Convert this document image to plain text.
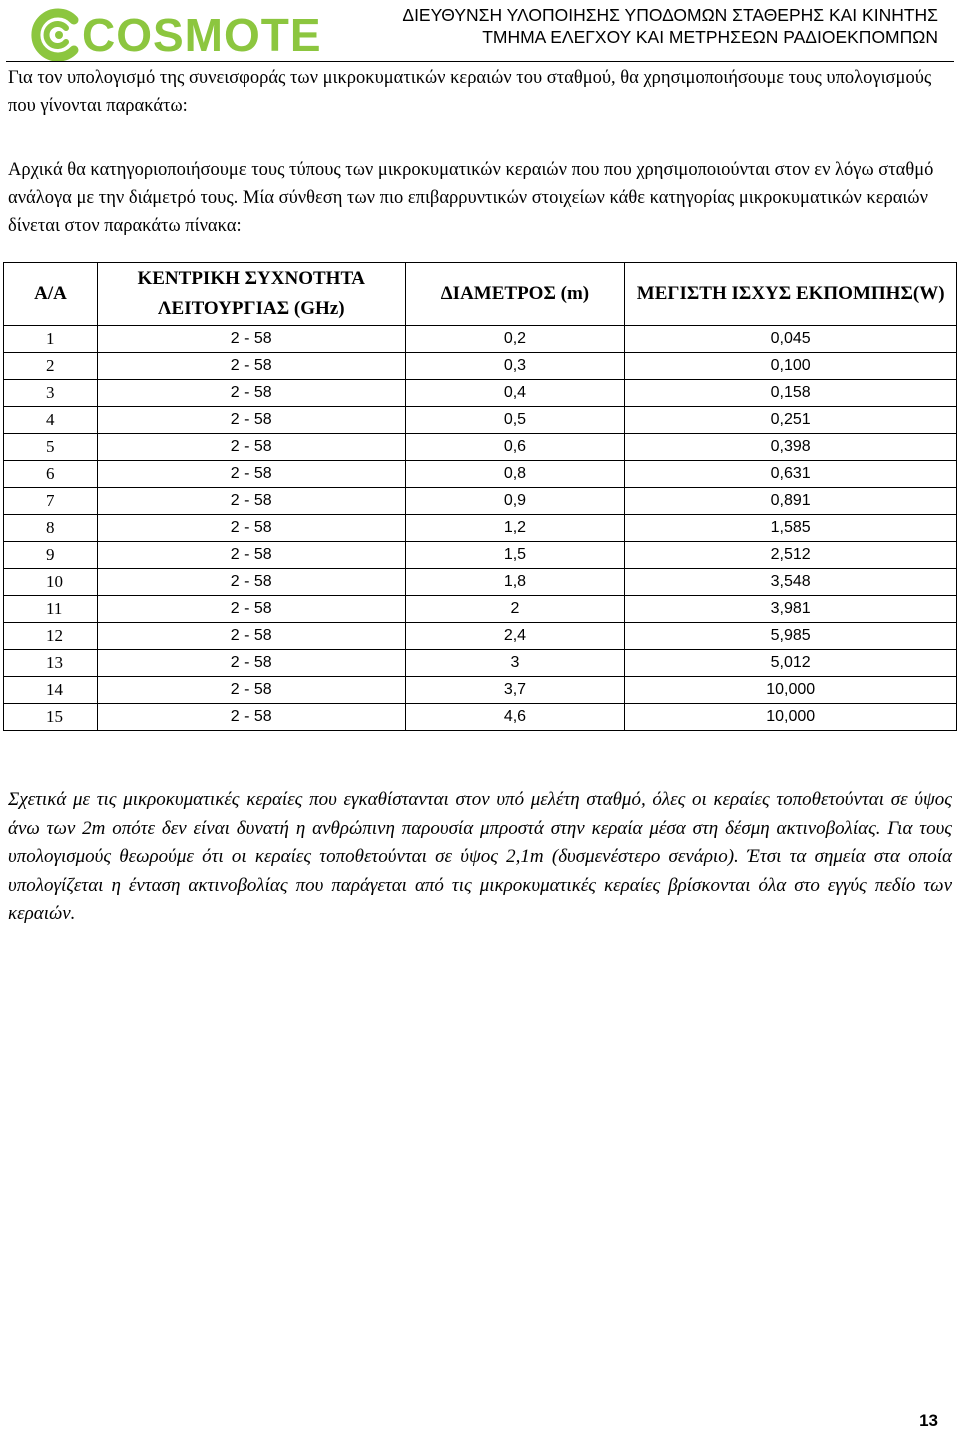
COSMOTE	ΔΙΕΥΘΥΝΣΗ ΥΛΟΠΟΙΗΣΗΣ ΥΠΟΔΟΜΩΝ ΣΤΑΘΕΡΗΣ ΚΑΙ ΚΙΝΗΤΗΣ
ΤΜΗΜΑ ΕΛΕΓΧΟΥ ΚΑΙ ΜΕΤΡΗΣΕΩΝ ΡΑΔΙΟΕΚΠΟΜΠΩΝ

Για τον υπολογισμό της συνεισφοράς των μικροκυματικών κεραιών του σταθμού, θα χρησιμοποιήσουμε τους υπολογισμούς που γίνονται παρακάτω:

Αρχικά θα κατηγοριοποιήσουμε τους τύπους των μικροκυματικών κεραιών που που χρησιμοποιούνται στον εν λόγω σταθμό ανάλογα με την διάμετρό τους. Μία σύνθεση των πιο επιβαρρυντικών στοιχείων κάθε κατηγορίας μικροκυματικών κεραιών δίνεται στον παρακάτω πίνακα:

Α/Α	ΚΕΝΤΡΙΚΗ ΣΥΧΝΟΤΗΤΑ ΛΕΙΤΟΥΡΓΙΑΣ (GHz)	ΔΙΑΜΕΤΡΟΣ (m)	ΜΕΓΙΣΤΗ ΙΣΧΥΣ ΕΚΠΟΜΠΗΣ(W)
1	2 - 58	0,2	0,045
2	2 - 58	0,3	0,100
3	2 - 58	0,4	0,158
4	2 - 58	0,5	0,251
5	2 - 58	0,6	0,398
6	2 - 58	0,8	0,631
7	2 - 58	0,9	0,891
8	2 - 58	1,2	1,585
9	2 - 58	1,5	2,512
10	2 - 58	1,8	3,548
11	2 - 58	2	3,981
12	2 - 58	2,4	5,985
13	2 - 58	3	5,012
14	2 - 58	3,7	10,000
15	2 - 58	4,6	10,000

Σχετικά με τις μικροκυματικές κεραίες που εγκαθίστανται στον υπό μελέτη σταθμό, όλες οι κεραίες τοποθετούνται σε ύψος άνω των 2m οπότε δεν είναι δυνατή η ανθρώπινη παρουσία μπροστά στην κεραία μέσα στη δέσμη ακτινοβολίας. Για τους υπολογισμούς θεωρούμε ότι οι κεραίες τοποθετούνται σε ύψος 2,1m (δυσμενέστερο σενάριο). Έτσι τα σημεία στα οποία υπολογίζεται η ένταση ακτινοβολίας που παράγεται από τις μικροκυματικές κεραίες βρίσκονται όλα στο εγγύς πεδίο των κεραιών.

13
